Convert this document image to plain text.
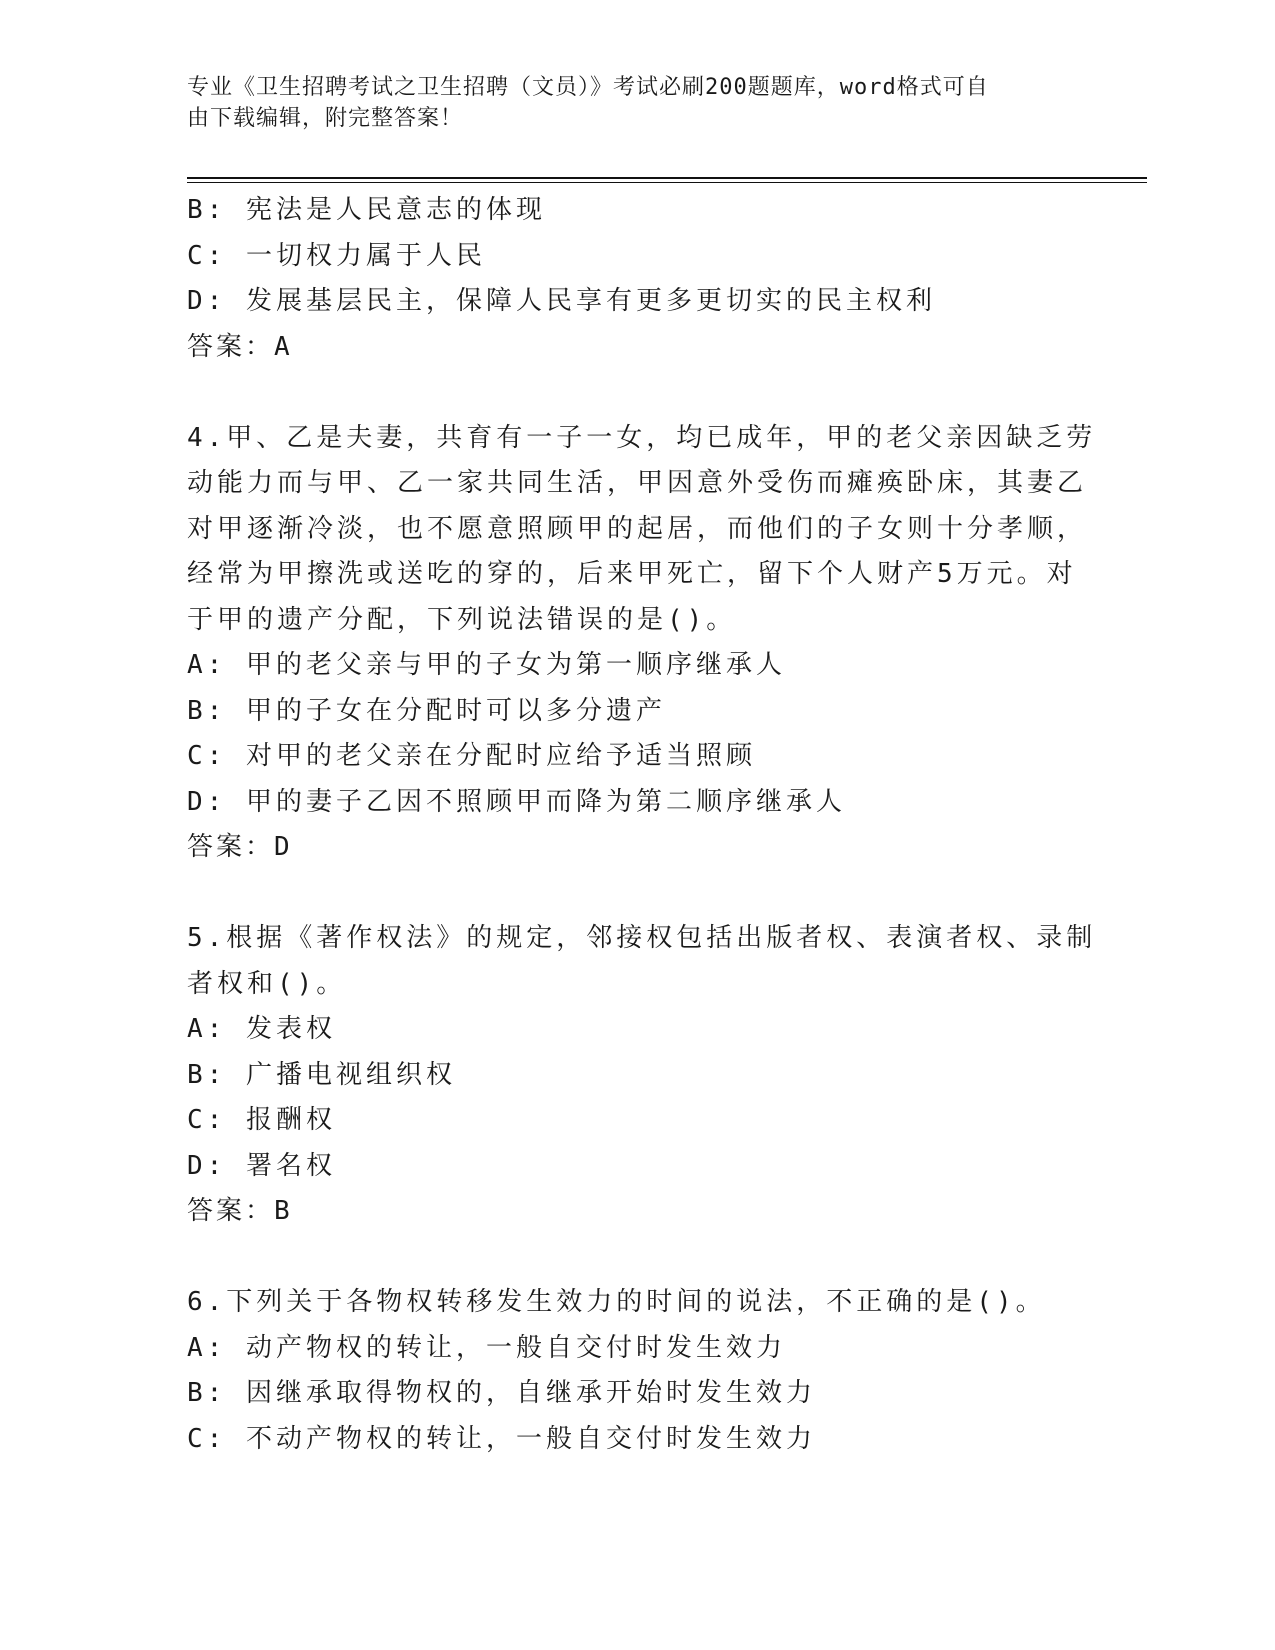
专业《卫生招聘考试之卫生招聘（文员）》考试必刷200题题库，word格式可自
由下载编辑，附完整答案！
B: 宪法是人民意志的体现
C: 一切权力属于人民
D: 发展基层民主，保障人民享有更多更切实的民主权利
答案：A
4.甲、乙是夫妻，共育有一子一女，均已成年，甲的老父亲因缺乏劳
动能力而与甲、乙一家共同生活，甲因意外受伤而瘫痪卧床，其妻乙
对甲逐渐冷淡，也不愿意照顾甲的起居，而他们的子女则十分孝顺，
经常为甲擦洗或送吃的穿的，后来甲死亡，留下个人财产5万元。对
于甲的遗产分配，下列说法错误的是()。
A: 甲的老父亲与甲的子女为第一顺序继承人
B: 甲的子女在分配时可以多分遗产
C: 对甲的老父亲在分配时应给予适当照顾
D: 甲的妻子乙因不照顾甲而降为第二顺序继承人
答案：D
5.根据《著作权法》的规定，邻接权包括出版者权、表演者权、录制
者权和()。
A: 发表权
B: 广播电视组织权
C: 报酬权
D: 署名权
答案：B
6.下列关于各物权转移发生效力的时间的说法，不正确的是()。
A: 动产物权的转让，一般自交付时发生效力
B: 因继承取得物权的，自继承开始时发生效力
C: 不动产物权的转让，一般自交付时发生效力
